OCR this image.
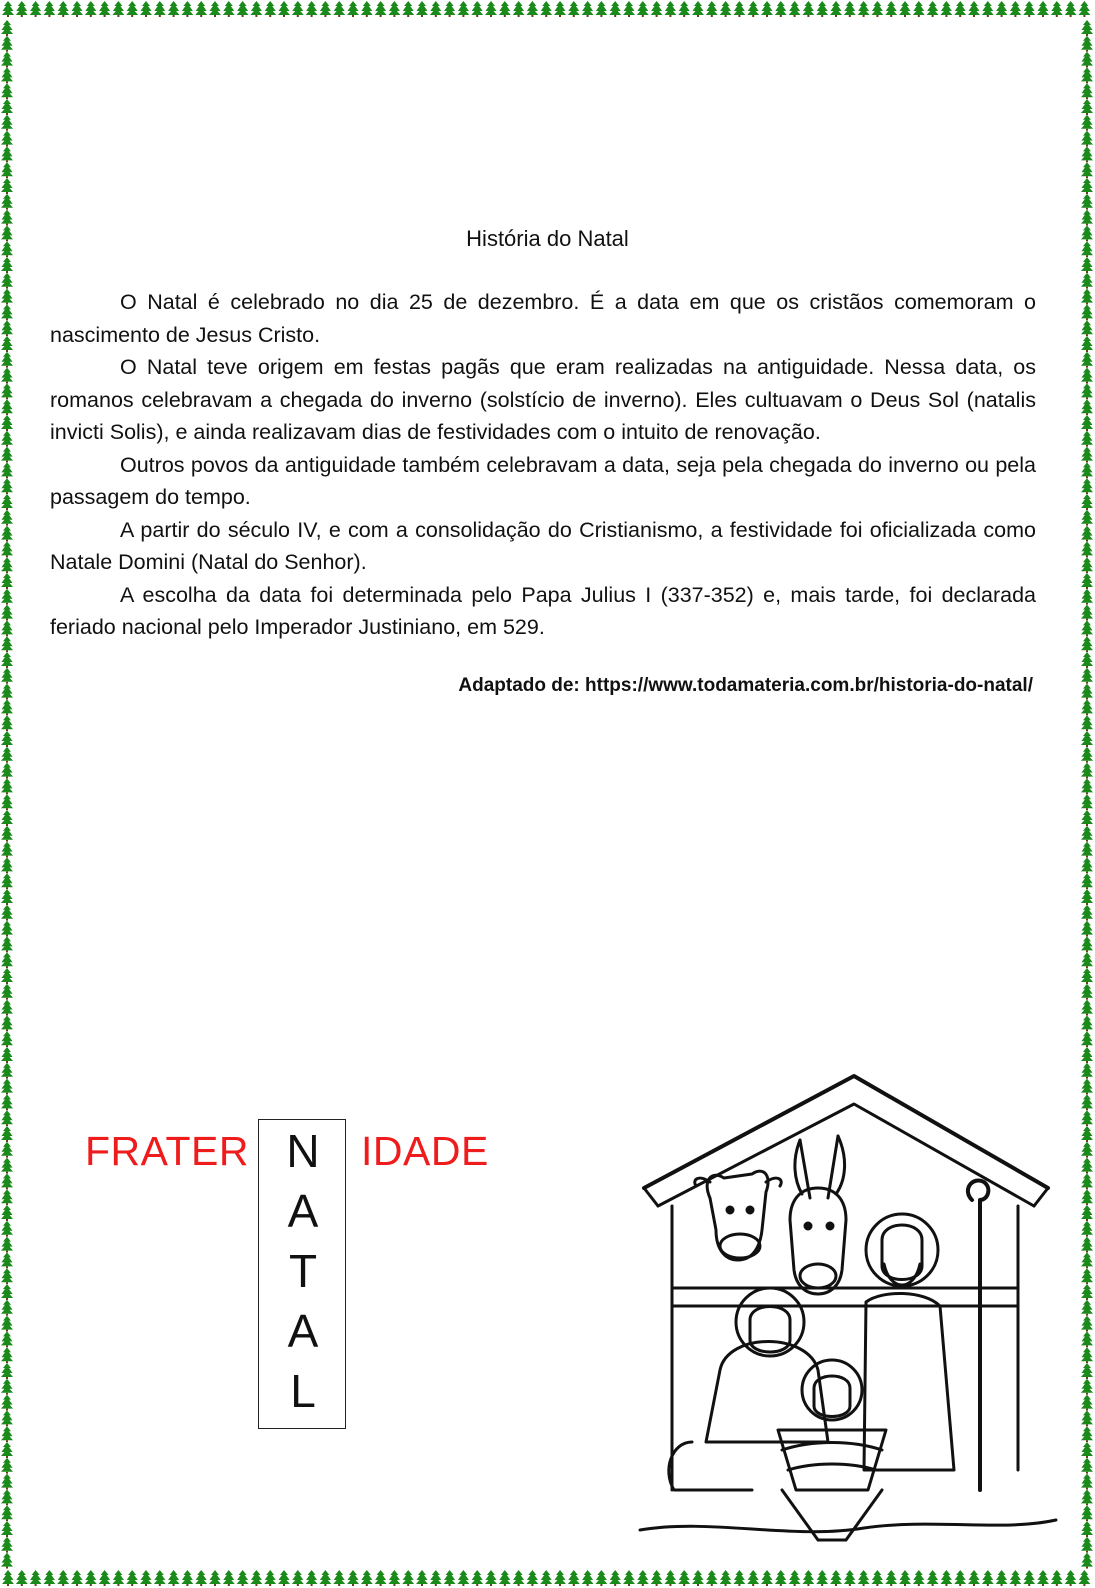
História do Natal

O Natal é celebrado no dia 25 de dezembro. É a data em que os cristãos comemoram o nascimento de Jesus Cristo.

O Natal teve origem em festas pagãs que eram realizadas na antiguidade. Nessa data, os romanos celebravam a chegada do inverno (solstício de inverno). Eles cultuavam o Deus Sol (natalis invicti Solis), e ainda realizavam dias de festividades com o intuito de renovação.

Outros povos da antiguidade também celebravam a data, seja pela chegada do inverno ou pela passagem do tempo.

A partir do século IV, e com a consolidação do Cristianismo, a festividade foi oficializada como Natale Domini (Natal do Senhor).

A escolha da data foi determinada pelo Papa Julius I (337-352) e, mais tarde, foi declarada feriado nacional pelo Imperador Justiniano, em 529.

Adaptado de: https://www.todamateria.com.br/historia-do-natal/
FRATER N
A
T
A
L
IDADE
